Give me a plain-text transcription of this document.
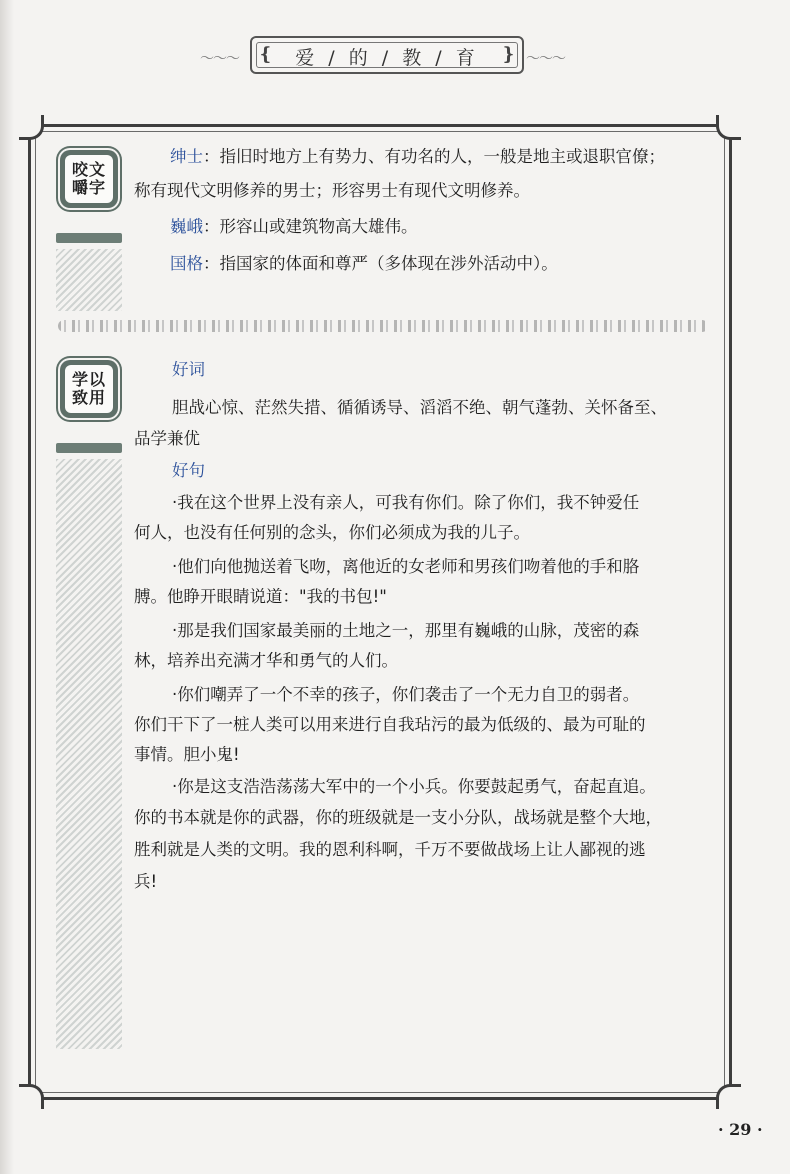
〜〜〜 ❴	❵
爱 / 的 / 教 / 育	〜〜〜
咬文
嚼字
绅士：指旧时地方上有势力、有功名的人，一般是地主或退职官僚；
称有现代文明修养的男士；形容男士有现代文明修养。
巍峨：形容山或建筑物高大雄伟。
国格：指国家的体面和尊严（多体现在涉外活动中）。
学以
致用
好词
胆战心惊、茫然失措、循循诱导、滔滔不绝、朝气蓬勃、关怀备至、
品学兼优
好句
·我在这个世界上没有亲人，可我有你们。除了你们，我不钟爱任
何人，也没有任何别的念头，你们必须成为我的儿子。
·他们向他抛送着飞吻，离他近的女老师和男孩们吻着他的手和胳
膊。他睁开眼睛说道："我的书包!"
·那是我们国家最美丽的土地之一，那里有巍峨的山脉，茂密的森
林，培养出充满才华和勇气的人们。
·你们嘲弄了一个不幸的孩子，你们袭击了一个无力自卫的弱者。
你们干下了一桩人类可以用来进行自我玷污的最为低级的、最为可耻的
事情。胆小鬼!
·你是这支浩浩荡荡大军中的一个小兵。你要鼓起勇气，奋起直追。
你的书本就是你的武器，你的班级就是一支小分队，战场就是整个大地，
胜利就是人类的文明。我的恩利科啊，千万不要做战场上让人鄙视的逃
兵!
· 29 ·
